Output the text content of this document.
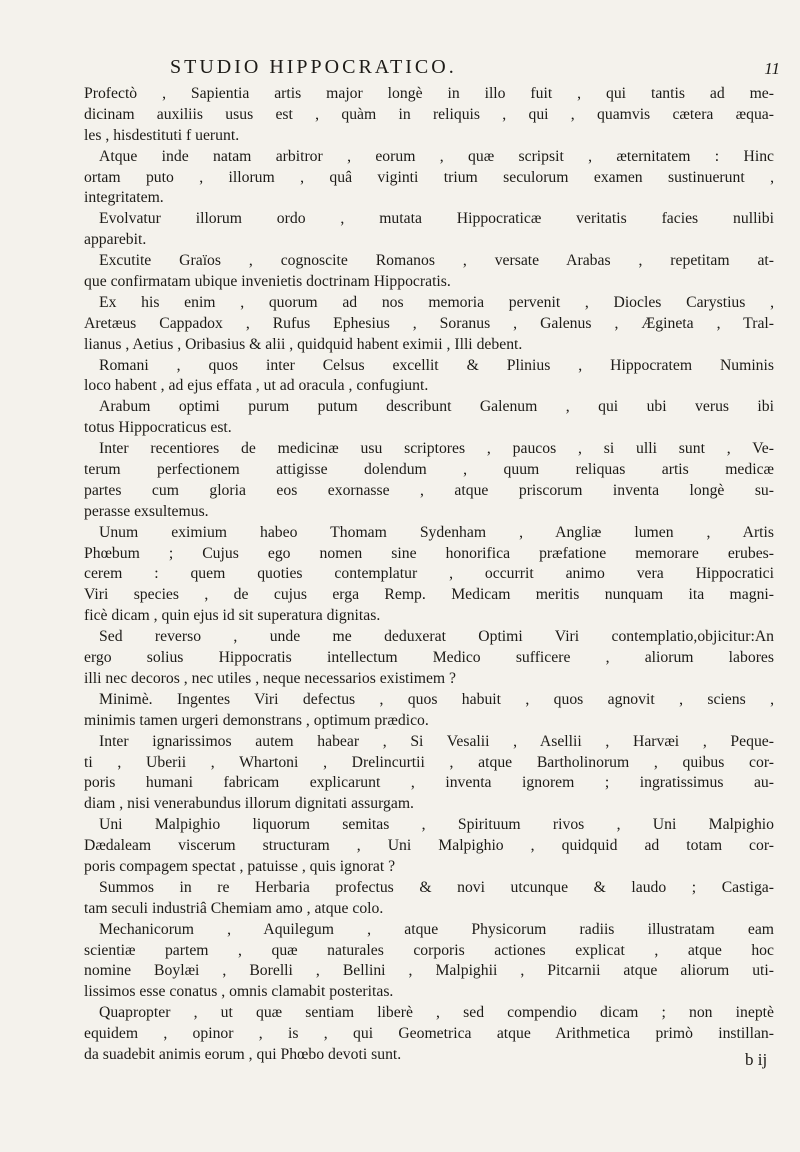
STUDIO HIPPOCRATICO.	11
Profectò , Sapientia artis major longè in illo fuit , qui tantis ad me-
dicinam auxiliis usus est , quàm in reliquis , qui , quamvis cætera æqua-
les , hisdestituti f uerunt.
Atque inde natam arbitror , eorum , quæ scripsit , æternitatem : Hinc
ortam puto , illorum , quâ viginti trium seculorum examen sustinuerunt ,
integritatem.
Evolvatur illorum ordo , mutata Hippocraticæ veritatis facies nullibi
apparebit.
Excutite Graïos , cognoscite Romanos , versate Arabas , repetitam at-
que confirmatam ubique invenietis doctrinam Hippocratis.
Ex his enim , quorum ad nos memoria pervenit , Diocles Carystius ,
Aretæus Cappadox , Rufus Ephesius , Soranus , Galenus , Ægineta , Tral-
lianus , Aetius , Oribasius & alii , quidquid habent eximii , Illi debent.
Romani , quos inter Celsus excellit & Plinius , Hippocratem Numinis
loco habent , ad ejus effata , ut ad oracula , confugiunt.
Arabum optimi purum putum describunt Galenum , qui ubi verus ibi
totus Hippocraticus est.
Inter recentiores de medicinæ usu scriptores , paucos , si ulli sunt , Ve-
terum perfectionem attigisse dolendum , quum reliquas artis medicæ
partes cum gloria eos exornasse , atque priscorum inventa longè su-
perasse exsultemus.
Unum eximium habeo Thomam Sydenham , Angliæ lumen , Artis
Phœbum ; Cujus ego nomen sine honorifica præfatione memorare erubes-
cerem : quem quoties contemplatur , occurrit animo vera Hippocratici
Viri species , de cujus erga Remp. Medicam meritis nunquam ita magni-
ficè dicam , quin ejus id sit superatura dignitas.
Sed reverso , unde me deduxerat Optimi Viri contemplatio,objicitur:An
ergo solius Hippocratis intellectum Medico sufficere , aliorum labores
illi nec decoros , nec utiles , neque necessarios existimem ?
Minimè. Ingentes Viri defectus , quos habuit , quos agnovit , sciens ,
minimis tamen urgeri demonstrans , optimum prædico.
Inter ignarissimos autem habear , Si Vesalii , Asellii , Harvæi , Peque-
ti , Uberii , Whartoni , Drelincurtii , atque Bartholinorum , quibus cor-
poris humani fabricam explicarunt , inventa ignorem ; ingratissimus au-
diam , nisi venerabundus illorum dignitati assurgam.
Uni Malpighio liquorum semitas , Spirituum rivos , Uni Malpighio
Dædaleam viscerum structuram , Uni Malpighio , quidquid ad totam cor-
poris compagem spectat , patuisse , quis ignorat ?
Summos in re Herbaria profectus & novi utcunque & laudo ; Castiga-
tam seculi industriâ Chemiam amo , atque colo.
Mechanicorum , Aquilegum , atque Physicorum radiis illustratam eam
scientiæ partem , quæ naturales corporis actiones explicat , atque hoc
nomine Boylæi , Borelli , Bellini , Malpighii , Pitcarnii atque aliorum uti-
lissimos esse conatus , omnis clamabit posteritas.
Quapropter , ut quæ sentiam liberè , sed compendio dicam ; non ineptè
equidem , opinor , is , qui Geometrica atque Arithmetica primò instillan-
da suadebit animis eorum , qui Phœbo devoti sunt.	b ij
